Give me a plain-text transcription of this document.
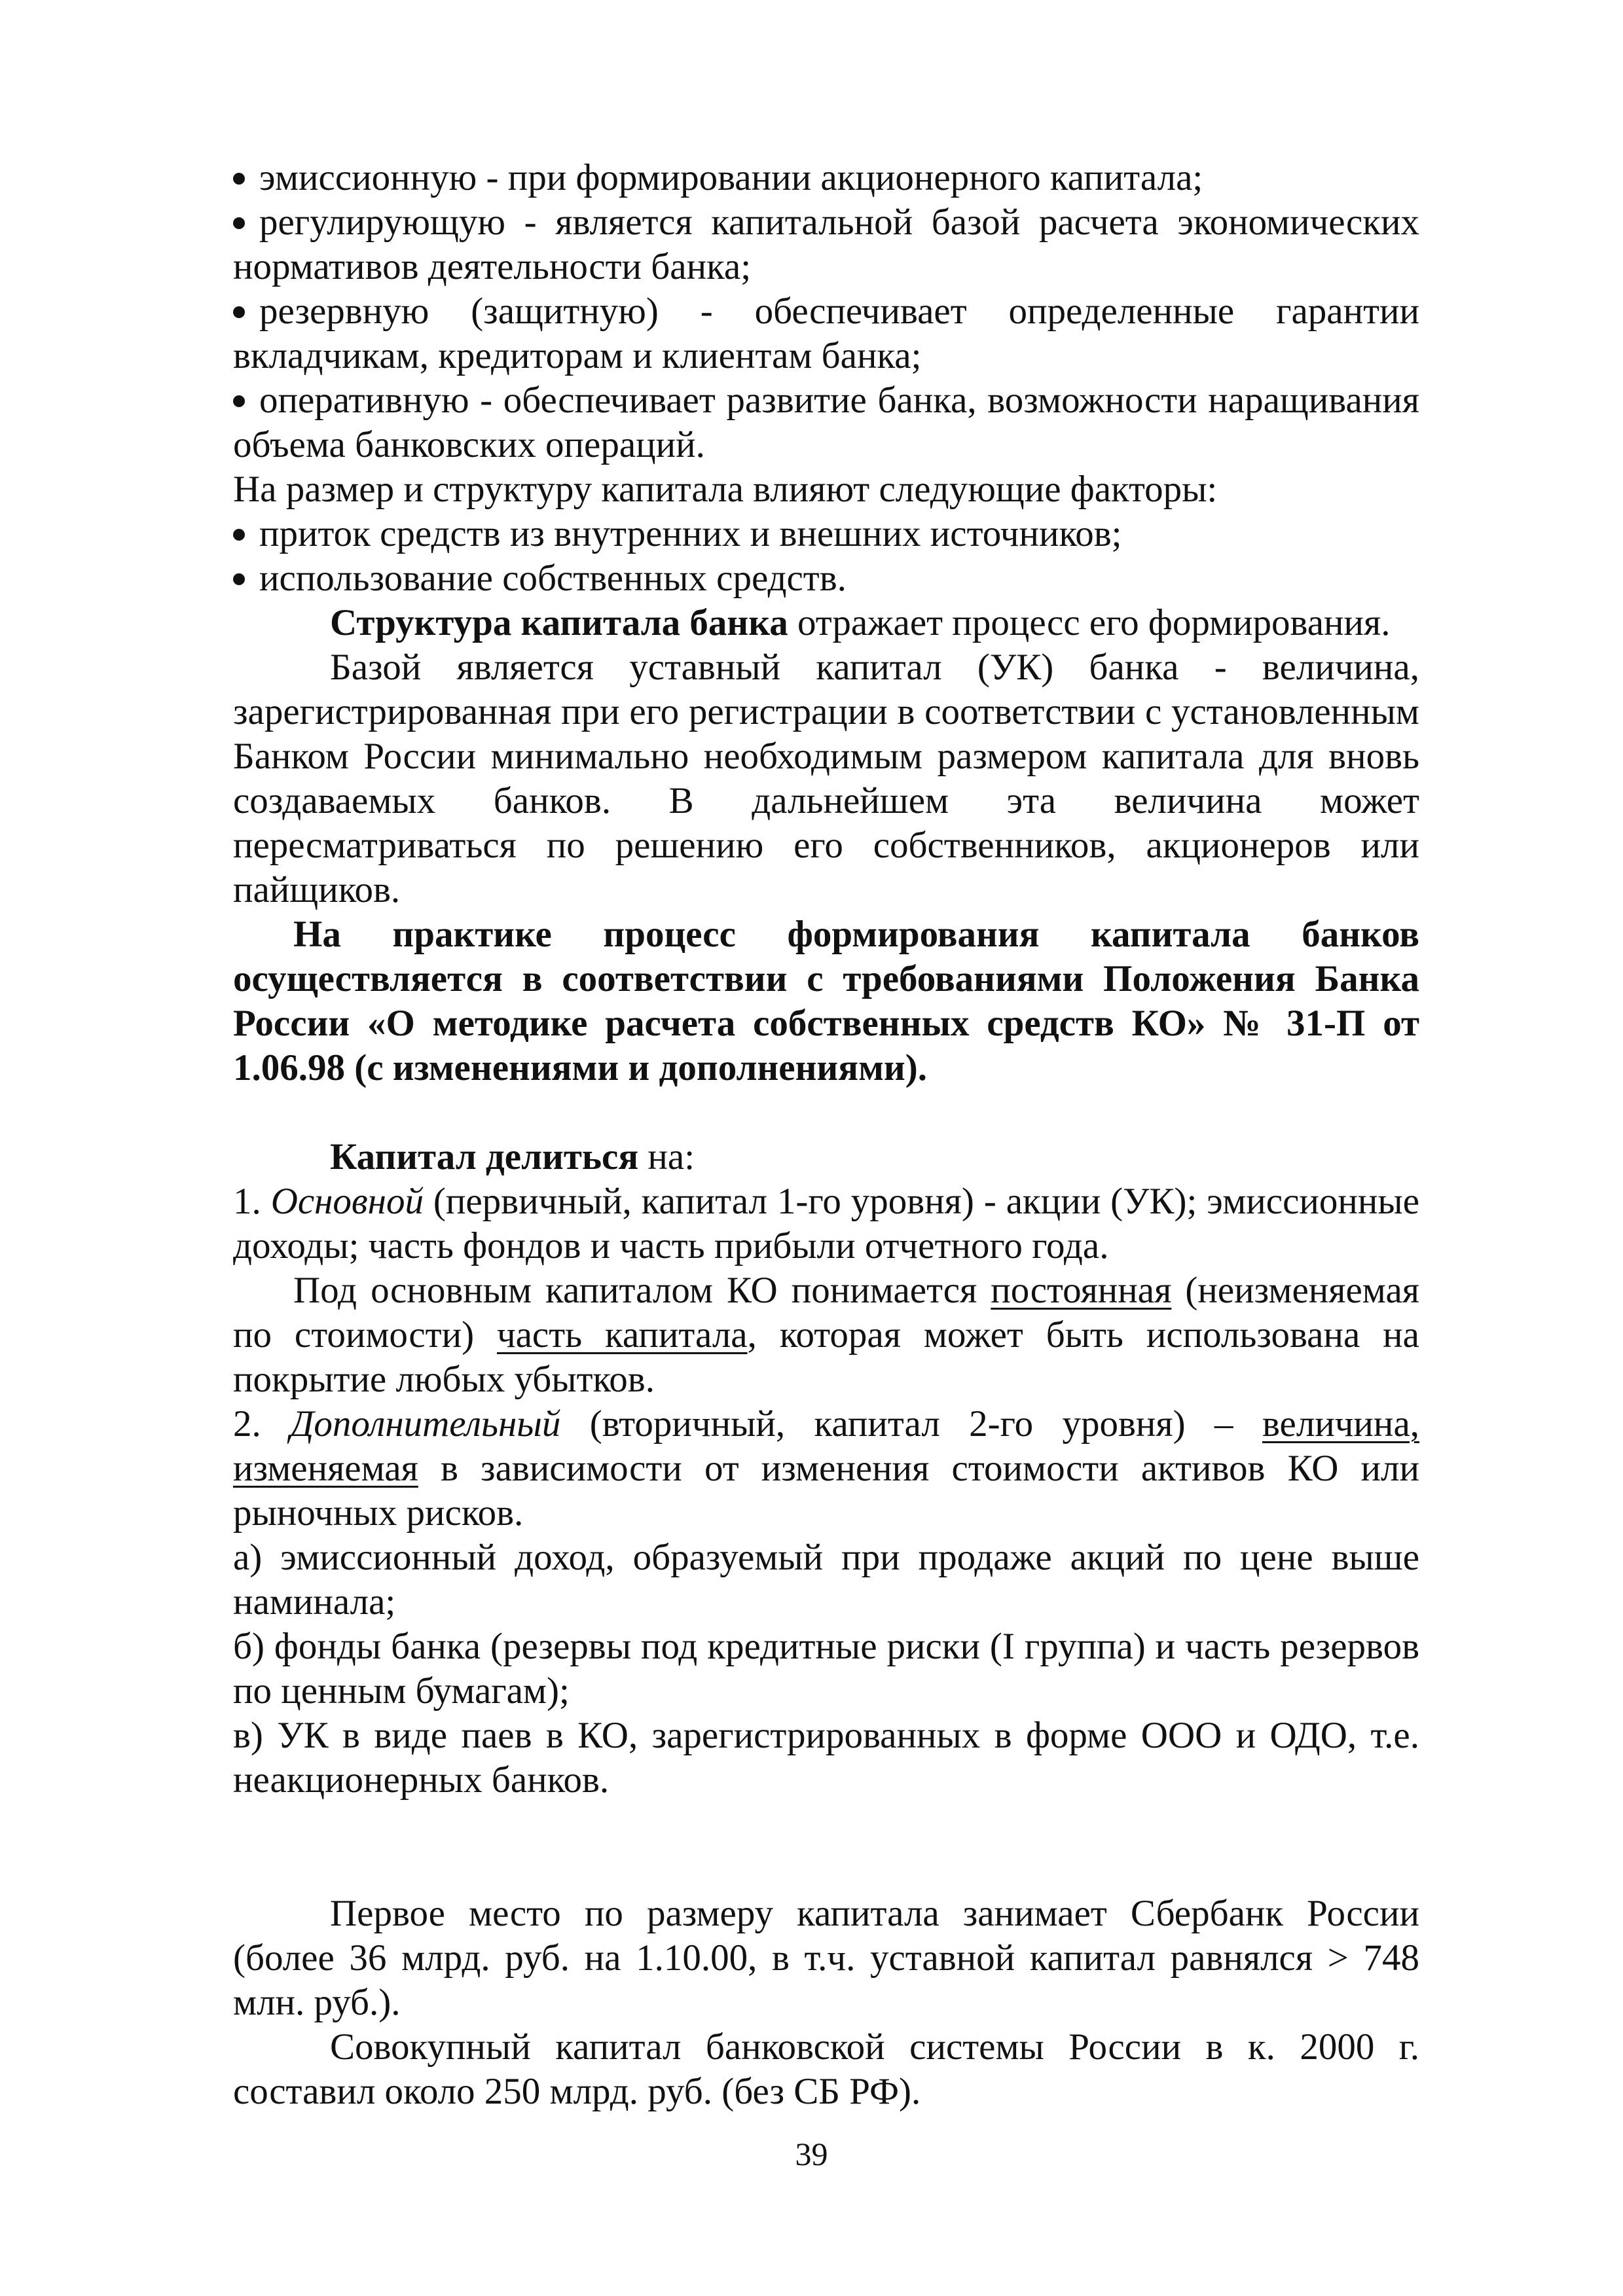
эмиссионную - при формировании акционерного капитала;

регулирующую - является капитальной базой расчета экономических нормативов деятельности банка;

резервную (защитную) - обеспечивает определенные гарантии вкладчикам, кредиторам и клиентам банка;

оперативную - обеспечивает развитие банка, возможности наращивания объема банковских операций.

На размер и структуру капитала влияют следующие факторы:

приток средств из внутренних и внешних источников;

использование собственных средств.

Структура капитала банка отражает процесс его формирования.

Базой является уставный капитал (УК) банка - величина, зарегистрированная при его регистрации в соответствии с установленным Банком России минимально необходимым размером капитала для вновь создаваемых банков. В дальнейшем эта величина может пересматриваться по решению его собственников, акционеров или пайщиков.

На практике процесс формирования капитала банков осуществляется в соответствии с требованиями Положения Банка России «О методике расчета собственных средств КО» № 31-П от 1.06.98 (с изменениями и дополнениями).

Капитал делиться на:

1. Основной (первичный, капитал 1-го уровня) - акции (УК); эмиссионные доходы; часть фондов и часть прибыли отчетного года.

Под основным капиталом КО понимается постоянная (неизменяемая по стоимости) часть капитала, которая может быть использована на покрытие любых убытков.

2. Дополнительный (вторичный, капитал 2-го уровня) – величина, изменяемая в зависимости от изменения стоимости активов КО или рыночных рисков.

а) эмиссионный доход, образуемый при продаже акций по цене выше наминала;

б) фонды банка (резервы под кредитные риски (I группа) и часть резервов по ценным бумагам);

в) УК в виде паев в КО, зарегистрированных в форме ООО и ОДО, т.е. неакционерных банков.

Первое место по размеру капитала занимает Сбербанк России (более 36 млрд. руб. на 1.10.00, в т.ч. уставной капитал равнялся > 748 млн. руб.).

Совокупный капитал банковской системы России в к. 2000 г. составил около 250 млрд. руб. (без СБ РФ).

39
